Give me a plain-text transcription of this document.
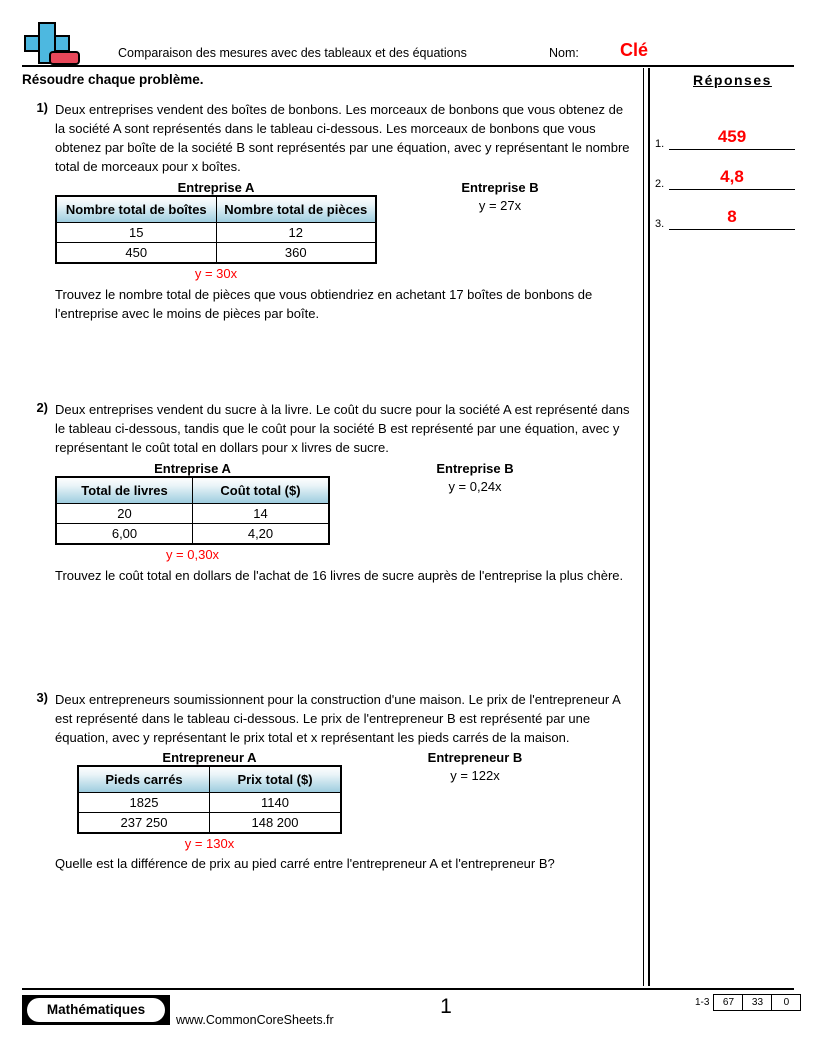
Comparaison des mesures avec des tableaux et des équations	Nom: Clé
Résoudre chaque problème.	Réponses
1.	459
2.	4,8
3.	8
1) Deux entreprises vendent des boîtes de bonbons. Les morceaux de bonbons que vous obtenez de la société A sont représentés dans le tableau ci-dessous. Les morceaux de bonbons que vous obtenez par boîte de la société B sont représentés par une équation, avec y représentant le nombre total de morceaux pour x boîtes.
Entreprise A
Nombre total de boîtes	Nombre total de pièces
15	12
450	360
y = 30x
Entreprise B
y = 27x
Trouvez le nombre total de pièces que vous obtiendriez en achetant 17 boîtes de bonbons de l'entreprise avec le moins de pièces par boîte.
2) Deux entreprises vendent du sucre à la livre. Le coût du sucre pour la société A est représenté dans le tableau ci-dessous, tandis que le coût pour la société B est représenté par une équation, avec y représentant le coût total en dollars pour x livres de sucre.
Entreprise A
Total de livres	Coût total ($)
20	14
6,00	4,20
y = 0,30x
Entreprise B
y = 0,24x
Trouvez le coût total en dollars de l'achat de 16 livres de sucre auprès de l'entreprise la plus chère.
3) Deux entrepreneurs soumissionnent pour la construction d'une maison. Le prix de l'entrepreneur A est représenté dans le tableau ci-dessous. Le prix de l'entrepreneur B est représenté par une équation, avec y représentant le prix total et x représentant les pieds carrés de la maison.
Entrepreneur A
Pieds carrés	Prix total ($)
1825	1140
237 250	148 200
y = 130x
Entrepreneur B
y = 122x
Quelle est la différence de prix au pied carré entre l'entrepreneur A et l'entrepreneur B?
Mathématiques
www.CommonCoreSheets.fr
1	1-3	67	33	0
